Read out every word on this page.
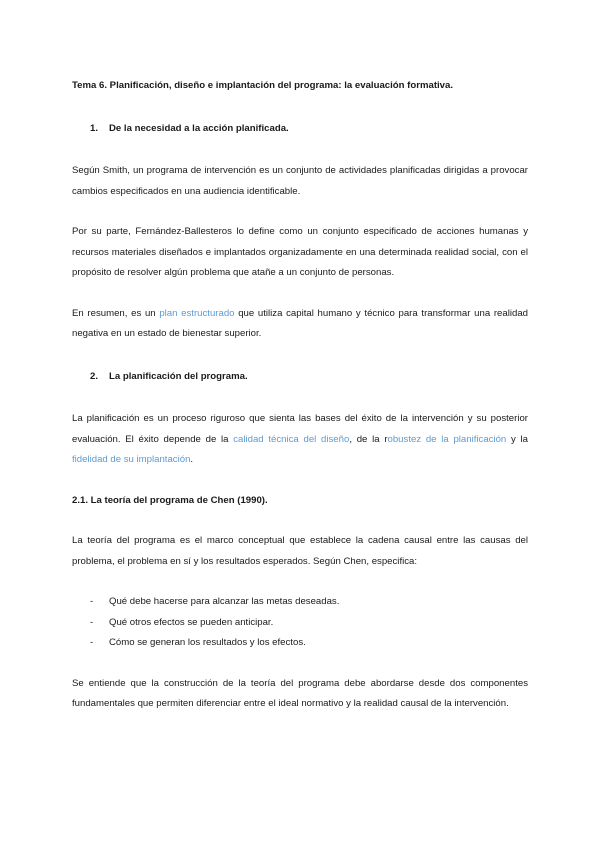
Tema 6. Planificación, diseño e implantación del programa: la evaluación formativa.
1.	De la necesidad a la acción planificada.

Según Smith, un programa de intervención es un conjunto de actividades planificadas dirigidas a provocar cambios especificados en una audiencia identificable.

Por su parte, Fernández-Ballesteros lo define como un conjunto especificado de acciones humanas y recursos materiales diseñados e implantados organizadamente en una determinada realidad social, con el propósito de resolver algún problema que atañe a un conjunto de personas.

En resumen, es un plan estructurado que utiliza capital humano y técnico para transformar una realidad negativa en un estado de bienestar superior.

2.	La planificación del programa.

La planificación es un proceso riguroso que sienta las bases del éxito de la intervención y su posterior evaluación. El éxito depende de la calidad técnica del diseño, de la robustez de la planificación y la fidelidad de su implantación.

2.1. La teoría del programa de Chen (1990).

La teoría del programa es el marco conceptual que establece la cadena causal entre las causas del problema, el problema en sí y los resultados esperados. Según Chen, especifica:

-	Qué debe hacerse para alcanzar las metas deseadas.
-	Qué otros efectos se pueden anticipar.
-	Cómo se generan los resultados y los efectos.

Se entiende que la construcción de la teoría del programa debe abordarse desde dos componentes fundamentales que permiten diferenciar entre el ideal normativo y la realidad causal de la intervención.
